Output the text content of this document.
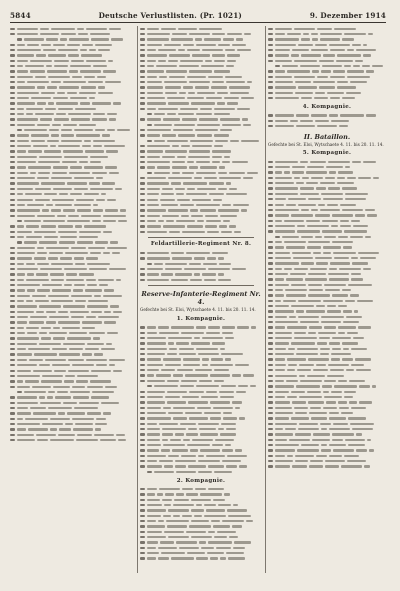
5844	Deutsche Verlustlisten. (Pr. 1021)	9. Dezember 1914
Feldartillerie-Regiment Nr. 8.
Reserve-Infanterie-Regiment Nr. 4.
Gefechte bei St. Eloi, Wytschaete 4. 11. bis 20. 11. 14.
1. Kompagnie.
2. Kompagnie.
4. Kompagnie.
II. Bataillon.
Gefechte bei St. Eloi, Wytschaete 4. 11. bis 20. 11. 14.
5. Kompagnie.
